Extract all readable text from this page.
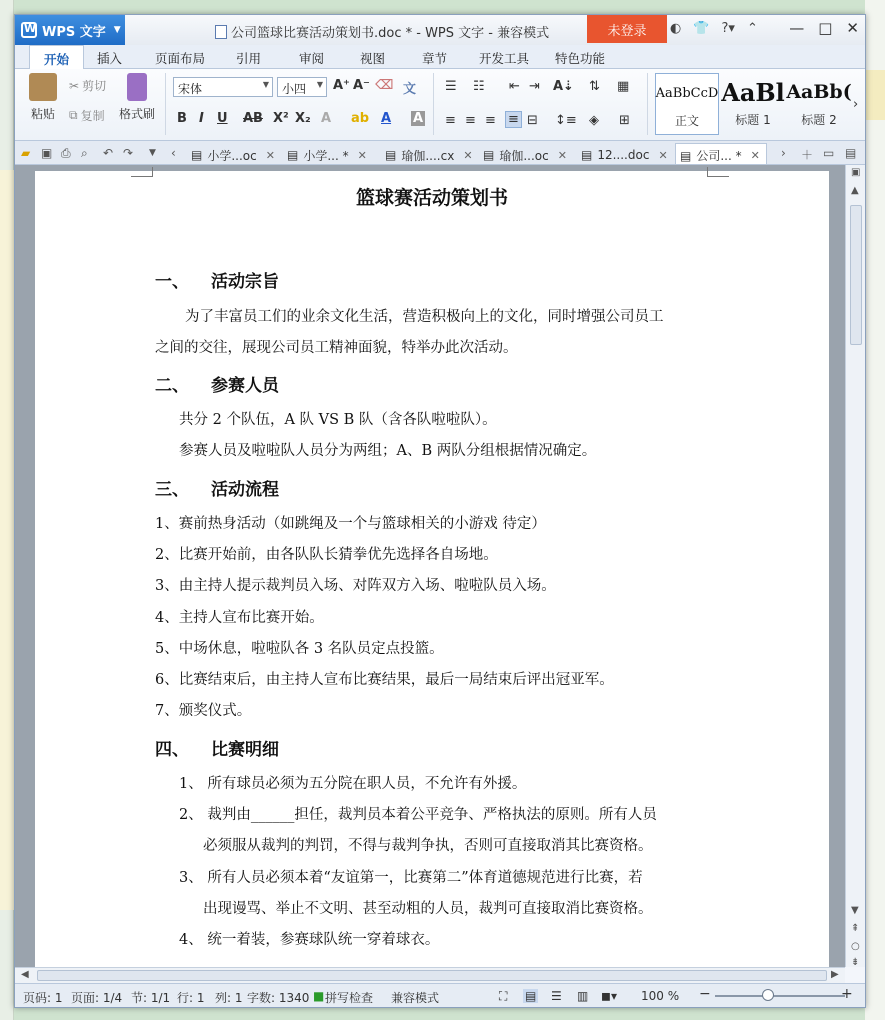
W
WPS 文字 ▼	公司篮球比赛活动策划书.doc * - WPS 文字 - 兼容模式	未登录 ◐ 👕 ?▾ ⌃ — □ ✕
开始	插入	页面布局 引用	审阅	视图	章节	开发工具 特色功能
粘贴
✂ 剪切
⧉ 复制	格式刷
宋体	▼	小四 ▼ A⁺ A⁻ ⌫ 文
B I U AB X² X₂ A ab A A
☰ ☷ ⇤ ⇥ A⇣ ⇅ ▦
≡ ≡ ≡ ≡ ⊟ ↕≡ ◈ ⊞
AaBbCcD
正文
AaBl
标题 1
AaBb(
标题 2
›
▰ ▣ ⎙ ⌕ ↶ ↷ ▼ ‹ ▤ 小学...oc ✕ ▤ 小学... * ✕ ▤ 瑜伽....cx ✕ ▤ 瑜伽...oc ✕ ▤ 12....doc ✕ ▤ 公司... * ✕ › ＋ ▭ ▤
篮球赛活动策划书
一、 活动宗旨
为了丰富员工们的业余文化生活，营造积极向上的文化，同时增强公司员工
之间的交往，展现公司员工精神面貌，特举办此次活动。
二、 参赛人员
共分 2 个队伍，A 队 VS B 队（含各队啦啦队）。
参赛人员及啦啦队人员分为两组；A、B 两队分组根据情况确定。
三、 活动流程
1、赛前热身活动（如跳绳及一个与篮球相关的小游戏 待定）
2、比赛开始前，由各队队长猜拳优先选择各自场地。
3、由主持人提示裁判员入场、对阵双方入场、啦啦队员入场。
4、主持人宣布比赛开始。
5、中场休息，啦啦队各 3 名队员定点投篮。
6、比赛结束后，由主持人宣布比赛结果，最后一局结束后评出冠亚军。
7、颁奖仪式。
四、 比赛明细
1、 所有球员必须为五分院在职人员，不允许有外援。
2、 裁判由______担任，裁判员本着公平竞争、严格执法的原则。所有人员
必须服从裁判的判罚，不得与裁判争执，否则可直接取消其比赛资格。
3、 所有人员必须本着“友谊第一，比赛第二”体育道德规范进行比赛，若
出现谩骂、举止不文明、甚至动粗的人员，裁判可直接取消比赛资格。
4、 统一着装，参赛球队统一穿着球衣。
▣
▲
▼
⇞
○
⇟
◀	▶
页码: 1 页面: 1/4 节: 1/1 行: 1 列: 1 字数: 1340 ■ 拼写检查 兼容模式	⛶ ▤ ☰ ▥ ◼▾ 100 % −	+
